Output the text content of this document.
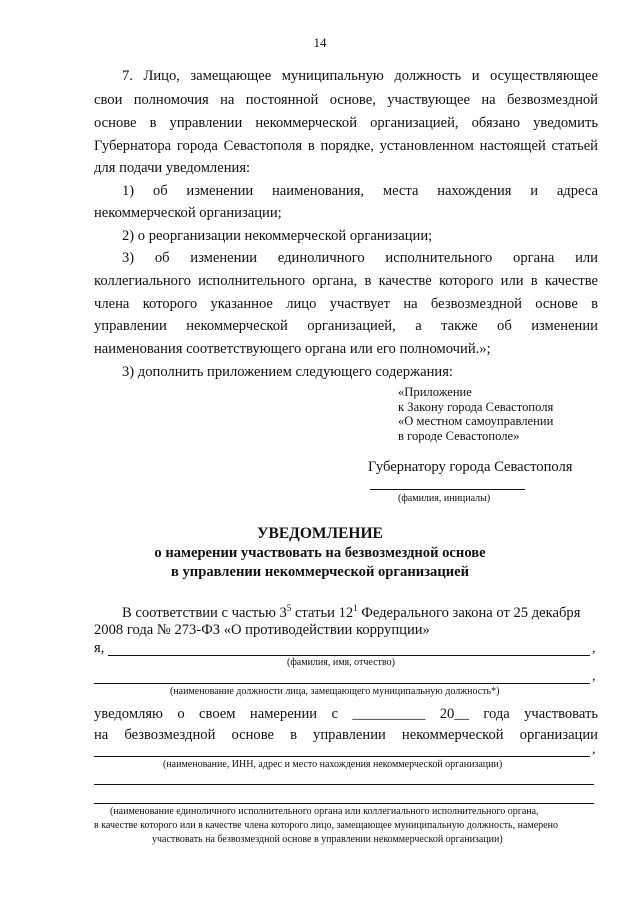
14
7. Лицо, замещающее муниципальную должность и осуществляющее
свои полномочия на постоянной основе, участвующее на безвозмездной
основе в управлении некоммерческой организацией, обязано уведомить
Губернатора города Севастополя в порядке, установленном настоящей статьей
для подачи уведомления:
1) об изменении наименования, места нахождения и адреса
некоммерческой организации;
2) о реорганизации некоммерческой организации;
3) об изменении единоличного исполнительного органа или
коллегиального исполнительного органа, в качестве которого или в качестве
члена которого указанное лицо участвует на безвозмездной основе в
управлении некоммерческой организацией, а также об изменении
наименования соответствующего органа или его полномочий.»;
3) дополнить приложением следующего содержания:
«Приложение
к Закону города Севастополя
«О местном самоуправлении
в городе Севастополе»
Губернатору города Севастополя
(фамилия, инициалы)
УВЕДОМЛЕНИЕ
о намерении участвовать на безвозмездной основе
в управлении некоммерческой организацией
В соответствии с частью $3^5$ статьи $12^1$ Федерального закона от 25 декабря
2008 года № 273-ФЗ «О противодействии коррупции»
я,	,
(фамилия, имя, отчество)
,
(наименование должности лица, замещающего муниципальную должность*)
уведомляю о своем намерении с __________ 20__ года участвовать
на безвозмездной основе в управлении некоммерческой организации
,
(наименование, ИНН, адрес и место нахождения некоммерческой организации)
(наименование единоличного исполнительного органа или коллегиального исполнительного органа,
в качестве которого или в качестве члена которого лицо, замещающее муниципальную должность, намерено
участвовать на безвозмездной основе в управлении некоммерческой организации)
